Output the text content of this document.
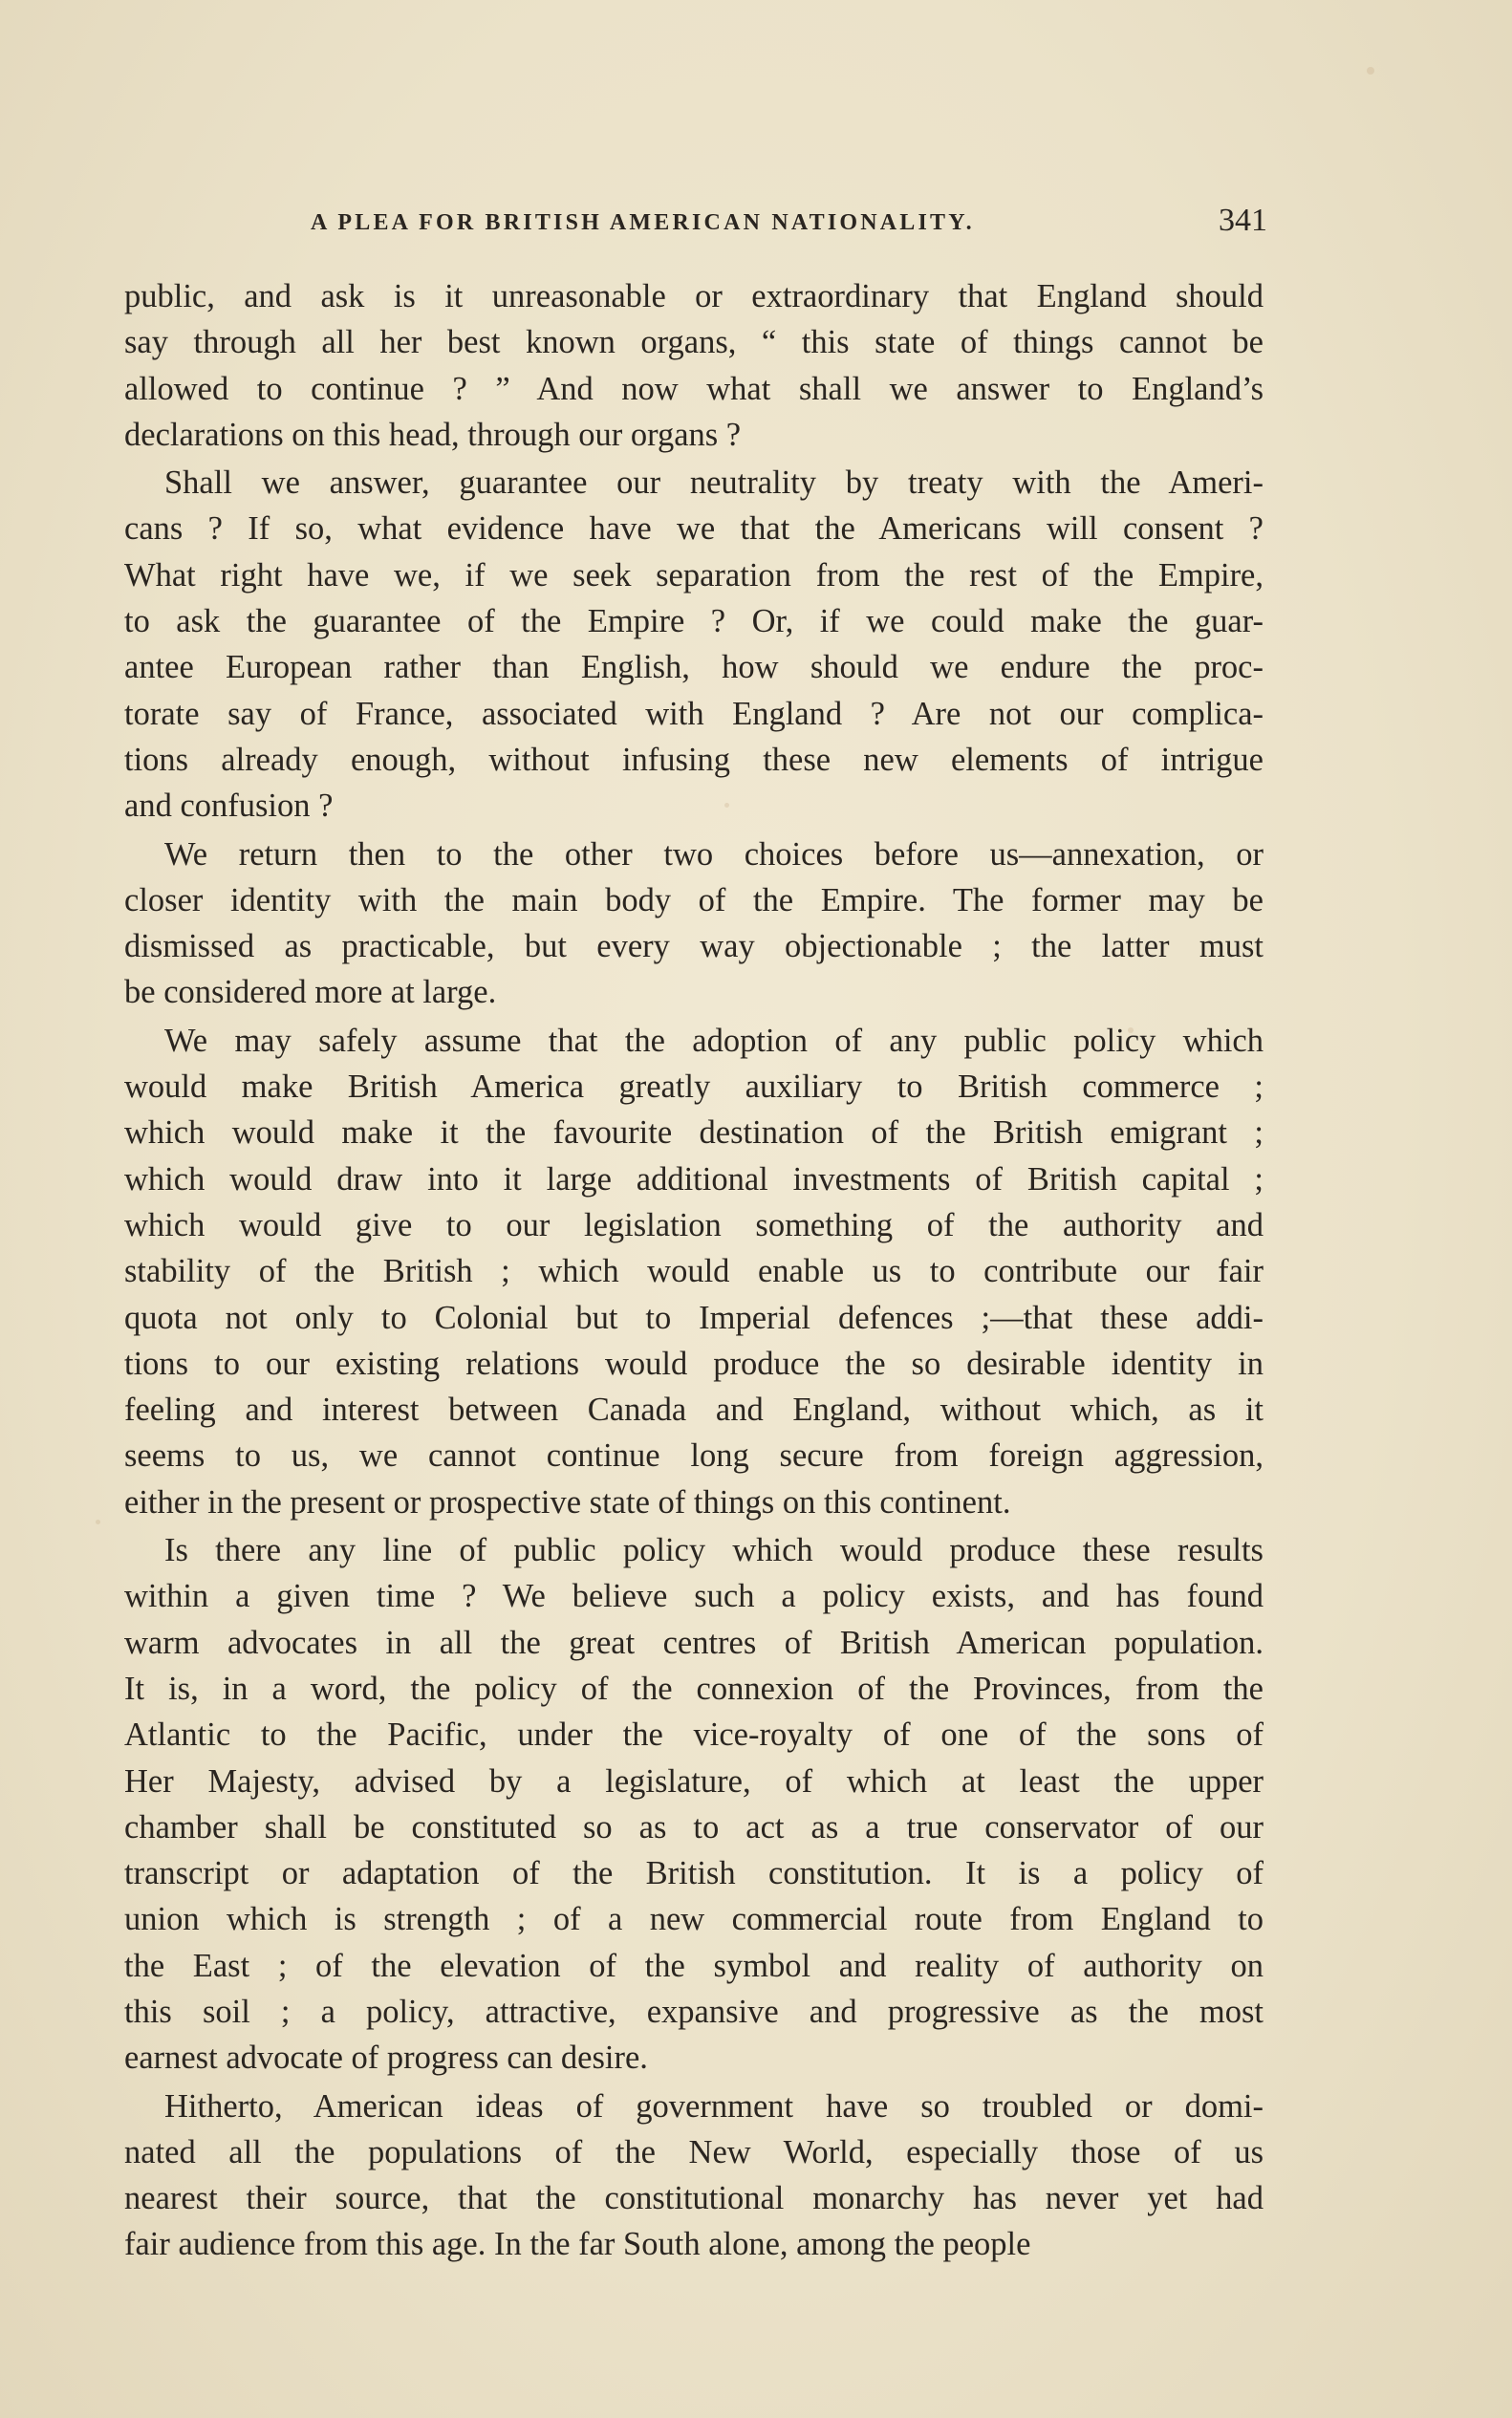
A PLEA FOR BRITISH AMERICAN NATIONALITY.	341
public, and ask is it unreasonable or extraordinary that England should
say through all her best known organs, “ this state of things cannot be
allowed to continue ? ” And now what shall we answer to England’s
declarations on this head, through our organs ?
Shall we answer, guarantee our neutrality by treaty with the Ameri-
cans ? If so, what evidence have we that the Americans will consent ?
What right have we, if we seek separation from the rest of the Empire,
to ask the guarantee of the Empire ? Or, if we could make the guar-
antee European rather than English, how should we endure the proc-
torate say of France, associated with England ? Are not our complica-
tions already enough, without infusing these new elements of intrigue
and confusion ?
We return then to the other two choices before us—annexation, or
closer identity with the main body of the Empire. The former may be
dismissed as practicable, but every way objectionable ; the latter must
be considered more at large.
We may safely assume that the adoption of any public policy which
would make British America greatly auxiliary to British commerce ;
which would make it the favourite destination of the British emigrant ;
which would draw into it large additional investments of British capital ;
which would give to our legislation something of the authority and
stability of the British ; which would enable us to contribute our fair
quota not only to Colonial but to Imperial defences ;—that these addi-
tions to our existing relations would produce the so desirable identity in
feeling and interest between Canada and England, without which, as it
seems to us, we cannot continue long secure from foreign aggression,
either in the present or prospective state of things on this continent.
Is there any line of public policy which would produce these results
within a given time ? We believe such a policy exists, and has found
warm advocates in all the great centres of British American population.
It is, in a word, the policy of the connexion of the Provinces, from the
Atlantic to the Pacific, under the vice-royalty of one of the sons of
Her Majesty, advised by a legislature, of which at least the upper
chamber shall be constituted so as to act as a true conservator of our
transcript or adaptation of the British constitution. It is a policy of
union which is strength ; of a new commercial route from England to
the East ; of the elevation of the symbol and reality of authority on
this soil ; a policy, attractive, expansive and progressive as the most
earnest advocate of progress can desire.
Hitherto, American ideas of government have so troubled or domi-
nated all the populations of the New World, especially those of us
nearest their source, that the constitutional monarchy has never yet had
fair audience from this age. In the far South alone, among the people
